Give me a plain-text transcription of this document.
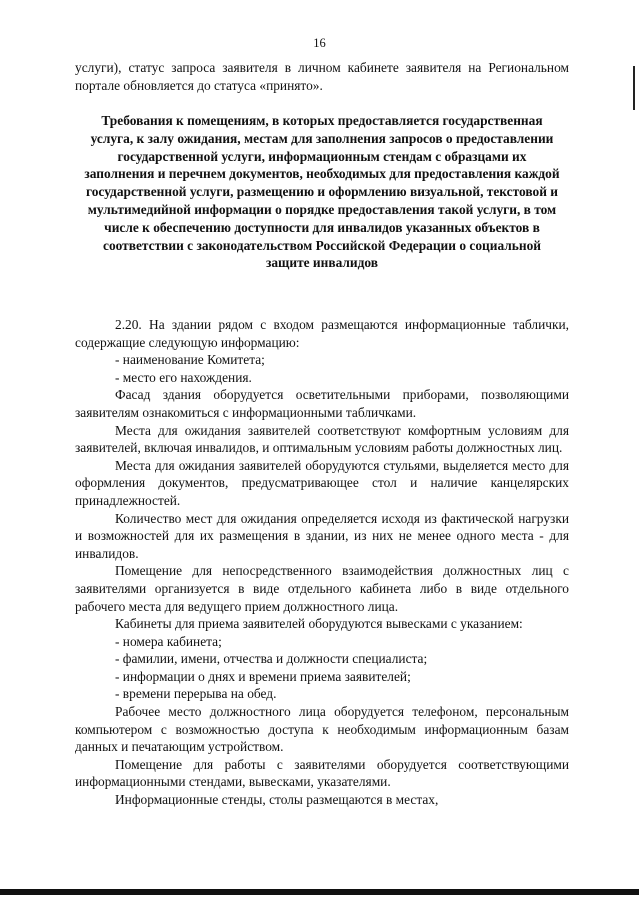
16

услуги), статус запроса заявителя в личном кабинете заявителя на Региональном портале обновляется до статуса «принято».

Требования к помещениям, в которых предоставляется государственная услуга, к залу ожидания, местам для заполнения запросов о предоставлении государственной услуги, информационным стендам с образцами их заполнения и перечнем документов, необходимых для предоставления каждой государственной услуги, размещению и оформлению визуальной, текстовой и мультимедийной информации о порядке предоставления такой услуги, в том числе к обеспечению доступности для инвалидов указанных объектов в соответствии с законодательством Российской Федерации о социальной защите инвалидов

2.20. На здании рядом с входом размещаются информационные таблички, содержащие следующую информацию:

- наименование Комитета;

- место его нахождения.

Фасад здания оборудуется осветительными приборами, позволяющими заявителям ознакомиться с информационными табличками.

Места для ожидания заявителей соответствуют комфортным условиям для заявителей, включая инвалидов, и оптимальным условиям работы должностных лиц.

Места для ожидания заявителей оборудуются стульями, выделяется место для оформления документов, предусматривающее стол и наличие канцелярских принадлежностей.

Количество мест для ожидания определяется исходя из фактической нагрузки и возможностей для их размещения в здании, из них не менее одного места - для инвалидов.

Помещение для непосредственного взаимодействия должностных лиц с заявителями организуется в виде отдельного кабинета либо в виде отдельного рабочего места для ведущего прием должностного лица.

Кабинеты для приема заявителей оборудуются вывесками с указанием:

- номера кабинета;

- фамилии, имени, отчества и должности специалиста;

- информации о днях и времени приема заявителей;

- времени перерыва на обед.

Рабочее место должностного лица оборудуется телефоном, персональным компьютером с возможностью доступа к необходимым информационным базам данных и печатающим устройством.

Помещение для работы с заявителями оборудуется соответствующими информационными стендами, вывесками, указателями.

Информационные стенды, столы размещаются в местах,
